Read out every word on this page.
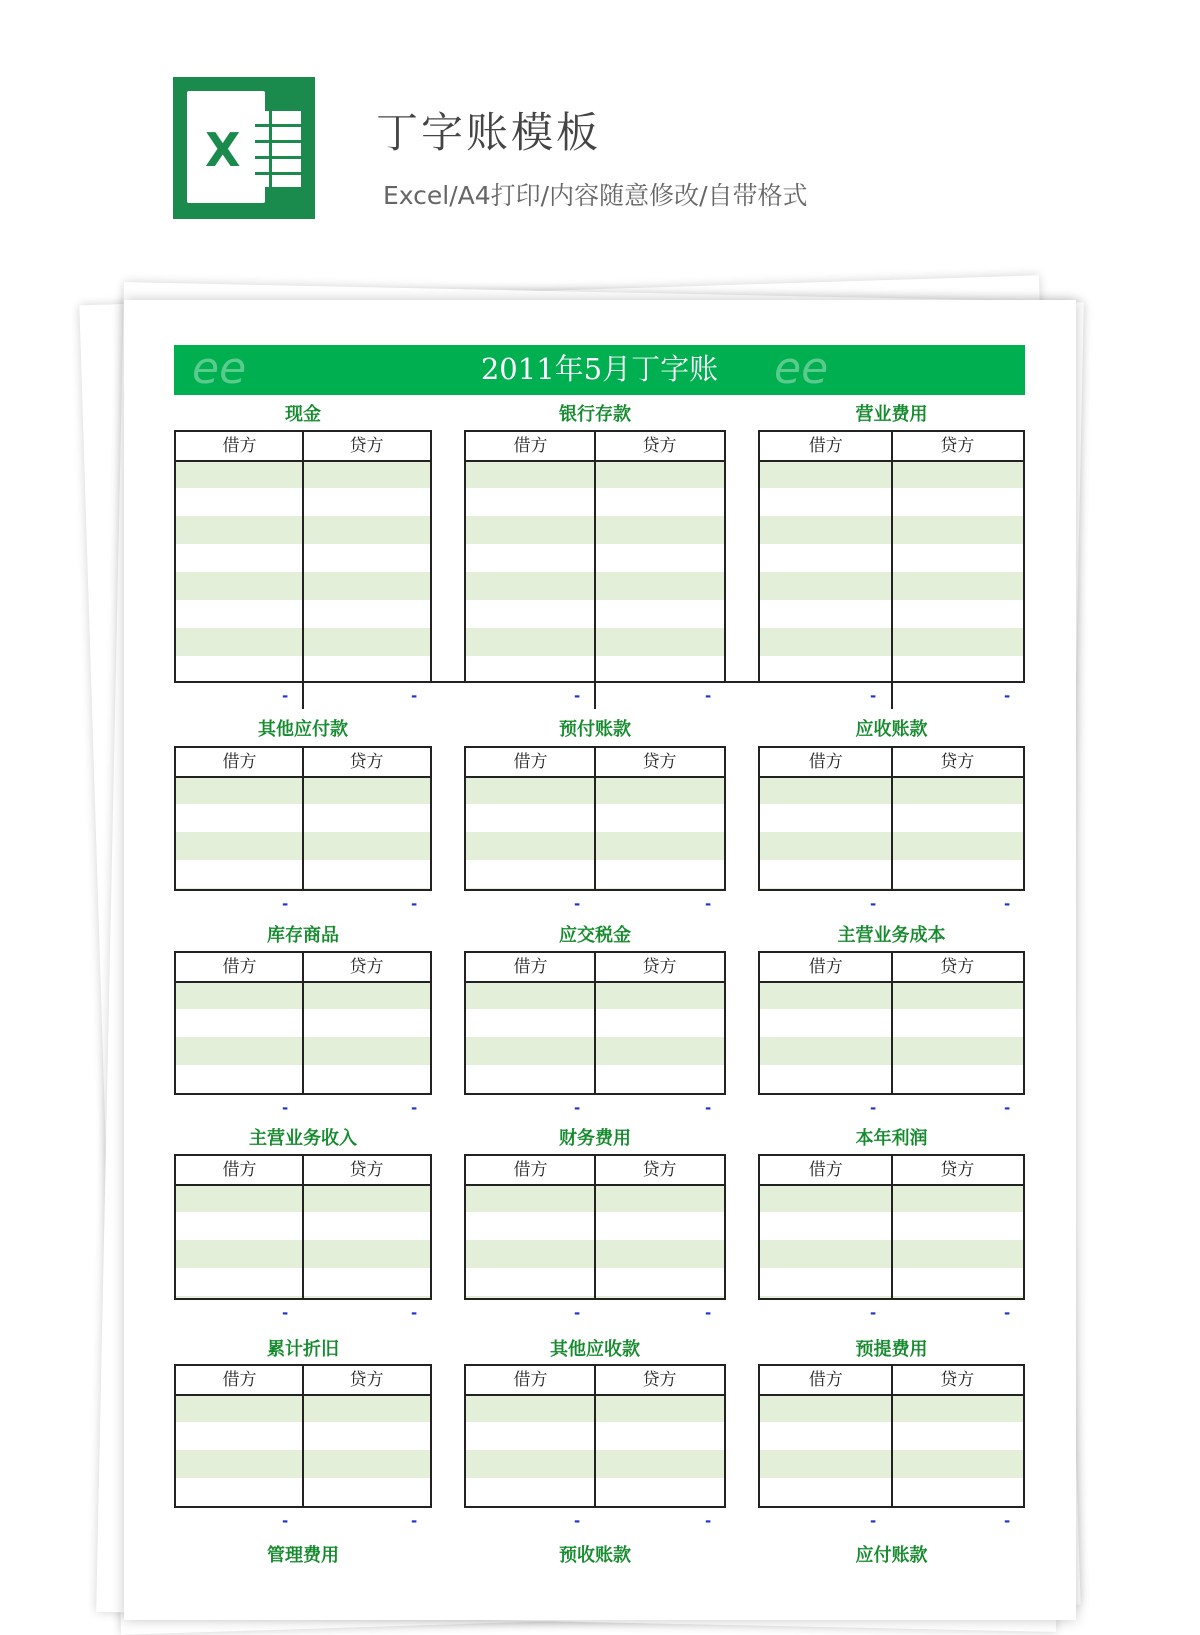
X	丁字账模板
Excel/A4打印/内容随意修改/自带格式
2011年5月丁字账
ee	ee
现金
借方	贷方
-	-
银行存款
借方	贷方
-	-
营业费用
借方	贷方
-	-
其他应付款
借方	贷方
-	-
预付账款
借方	贷方
-	-
应收账款
借方	贷方
-	-
库存商品
借方	贷方
-	-
应交税金
借方	贷方
-	-
主营业务成本
借方	贷方
-	-
主营业务收入
借方	贷方
-	-
财务费用
借方	贷方
-	-
本年利润
借方	贷方
-	-
累计折旧
借方	贷方
-	-
其他应收款
借方	贷方
-	-
预提费用
借方	贷方
-	-
管理费用	预收账款	应付账款
